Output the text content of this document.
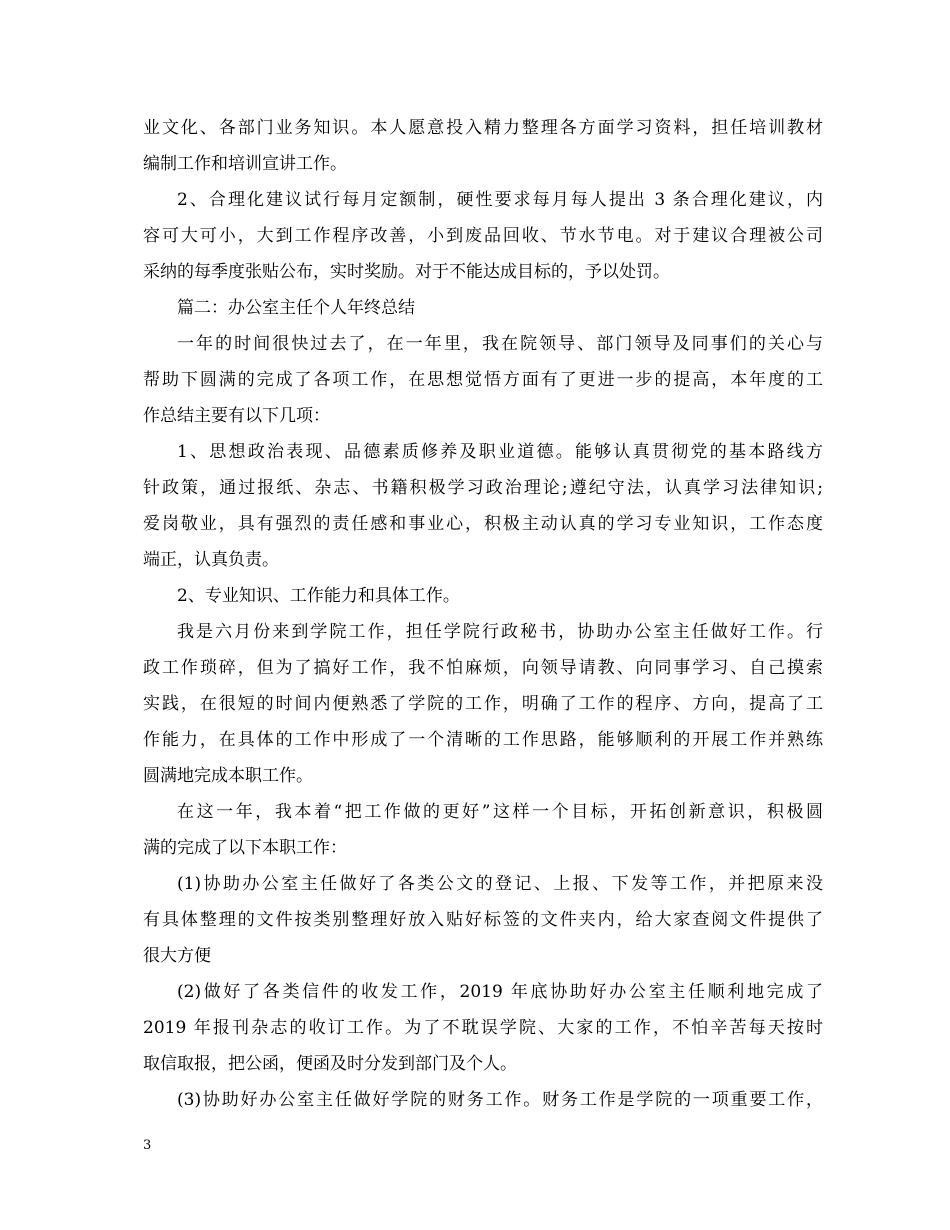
业文化、各部门业务知识。本人愿意投入精力整理各方面学习资料，担任培训教材
编制工作和培训宣讲工作。
2、合理化建议试行每月定额制，硬性要求每月每人提出 3 条合理化建议，内
容可大可小，大到工作程序改善，小到废品回收、节水节电。对于建议合理被公司
采纳的每季度张贴公布，实时奖励。对于不能达成目标的，予以处罚。
篇二：办公室主任个人年终总结
一年的时间很快过去了，在一年里，我在院领导、部门领导及同事们的关心与
帮助下圆满的完成了各项工作，在思想觉悟方面有了更进一步的提高，本年度的工
作总结主要有以下几项：
1、思想政治表现、品德素质修养及职业道德。能够认真贯彻党的基本路线方
针政策，通过报纸、杂志、书籍积极学习政治理论;遵纪守法，认真学习法律知识;
爱岗敬业，具有强烈的责任感和事业心，积极主动认真的学习专业知识，工作态度
端正，认真负责。
2、专业知识、工作能力和具体工作。
我是六月份来到学院工作，担任学院行政秘书，协助办公室主任做好工作。行
政工作琐碎，但为了搞好工作，我不怕麻烦，向领导请教、向同事学习、自己摸索
实践，在很短的时间内便熟悉了学院的工作，明确了工作的程序、方向，提高了工
作能力，在具体的工作中形成了一个清晰的工作思路，能够顺利的开展工作并熟练
圆满地完成本职工作。
在这一年，我本着“把工作做的更好”这样一个目标，开拓创新意识，积极圆
满的完成了以下本职工作：
(1)协助办公室主任做好了各类公文的登记、上报、下发等工作，并把原来没
有具体整理的文件按类别整理好放入贴好标签的文件夹内，给大家查阅文件提供了
很大方便
(2)做好了各类信件的收发工作，2019 年底协助好办公室主任顺利地完成了
2019 年报刊杂志的收订工作。为了不耽误学院、大家的工作，不怕辛苦每天按时
取信取报，把公函，便函及时分发到部门及个人。
(3)协助好办公室主任做好学院的财务工作。财务工作是学院的一项重要工作，
3
